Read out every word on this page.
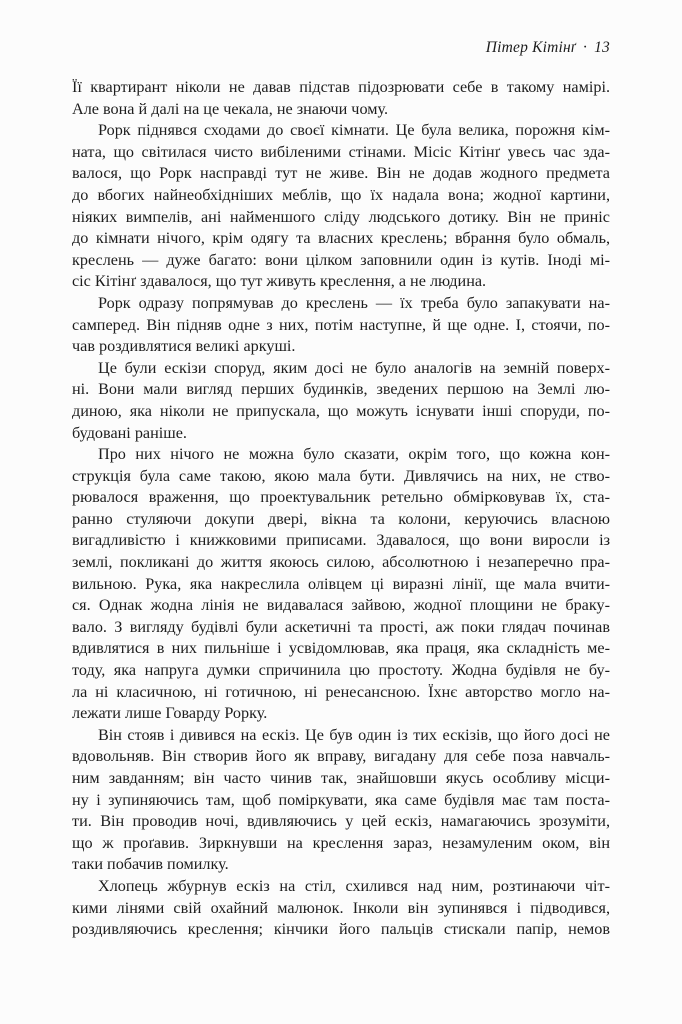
Пітер Кітінґ · 13
Її квартирант ніколи не давав підстав підозрювати себе в такому намірі.
Але вона й далі на це чекала, не знаючи чому.
Рорк піднявся сходами до своєї кімнати. Це була велика, порожня кім-
ната, що світилася чисто вибіленими стінами. Місіс Кітінґ увесь час зда-
валося, що Рорк насправді тут не живе. Він не додав жодного предмета
до вбогих найнеобхідніших меблів, що їх надала вона; жодної картини,
ніяких вимпелів, ані найменшого сліду людського дотику. Він не приніс
до кімнати нічого, крім одягу та власних креслень; вбрання було обмаль,
креслень — дуже багато: вони цілком заповнили один із кутів. Іноді мі-
сіс Кітінґ здавалося, що тут живуть креслення, а не людина.
Рорк одразу попрямував до креслень — їх треба було запакувати на-
самперед. Він підняв одне з них, потім наступне, й ще одне. І, стоячи, по-
чав роздивлятися великі аркуші.
Це були ескізи споруд, яким досі не було аналогів на земній поверх-
ні. Вони мали вигляд перших будинків, зведених першою на Землі лю-
диною, яка ніколи не припускала, що можуть існувати інші споруди, по-
будовані раніше.
Про них нічого не можна було сказати, окрім того, що кожна кон-
струкція була саме такою, якою мала бути. Дивлячись на них, не ство-
рювалося враження, що проектувальник ретельно обмірковував їх, ста-
ранно стуляючи докупи двері, вікна та колони, керуючись власною
вигадливістю і книжковими приписами. Здавалося, що вони виросли із
землі, покликані до життя якоюсь силою, абсолютною і незаперечно пра-
вильною. Рука, яка накреслила олівцем ці виразні лінії, ще мала вчити-
ся. Однак жодна лінія не видавалася зайвою, жодної площини не браку-
вало. З вигляду будівлі були аскетичні та прості, аж поки глядач починав
вдивлятися в них пильніше і усвідомлював, яка праця, яка складність ме-
тоду, яка напруга думки спричинила цю простоту. Жодна будівля не бу-
ла ні класичною, ні готичною, ні ренесансною. Їхнє авторство могло на-
лежати лише Говарду Рорку.
Він стояв і дивився на ескіз. Це був один із тих ескізів, що його досі не
вдовольняв. Він створив його як вправу, вигадану для себе поза навчаль-
ним завданням; він часто чинив так, знайшовши якусь особливу місци-
ну і зупиняючись там, щоб поміркувати, яка саме будівля має там поста-
ти. Він проводив ночі, вдивляючись у цей ескіз, намагаючись зрозуміти,
що ж проґавив. Зиркнувши на креслення зараз, незамуленим оком, він
таки побачив помилку.
Хлопець жбурнув ескіз на стіл, схилився над ним, розтинаючи чіт-
кими лінями свій охайний малюнок. Інколи він зупинявся і підводився,
роздивляючись креслення; кінчики його пальців стискали папір, немов
